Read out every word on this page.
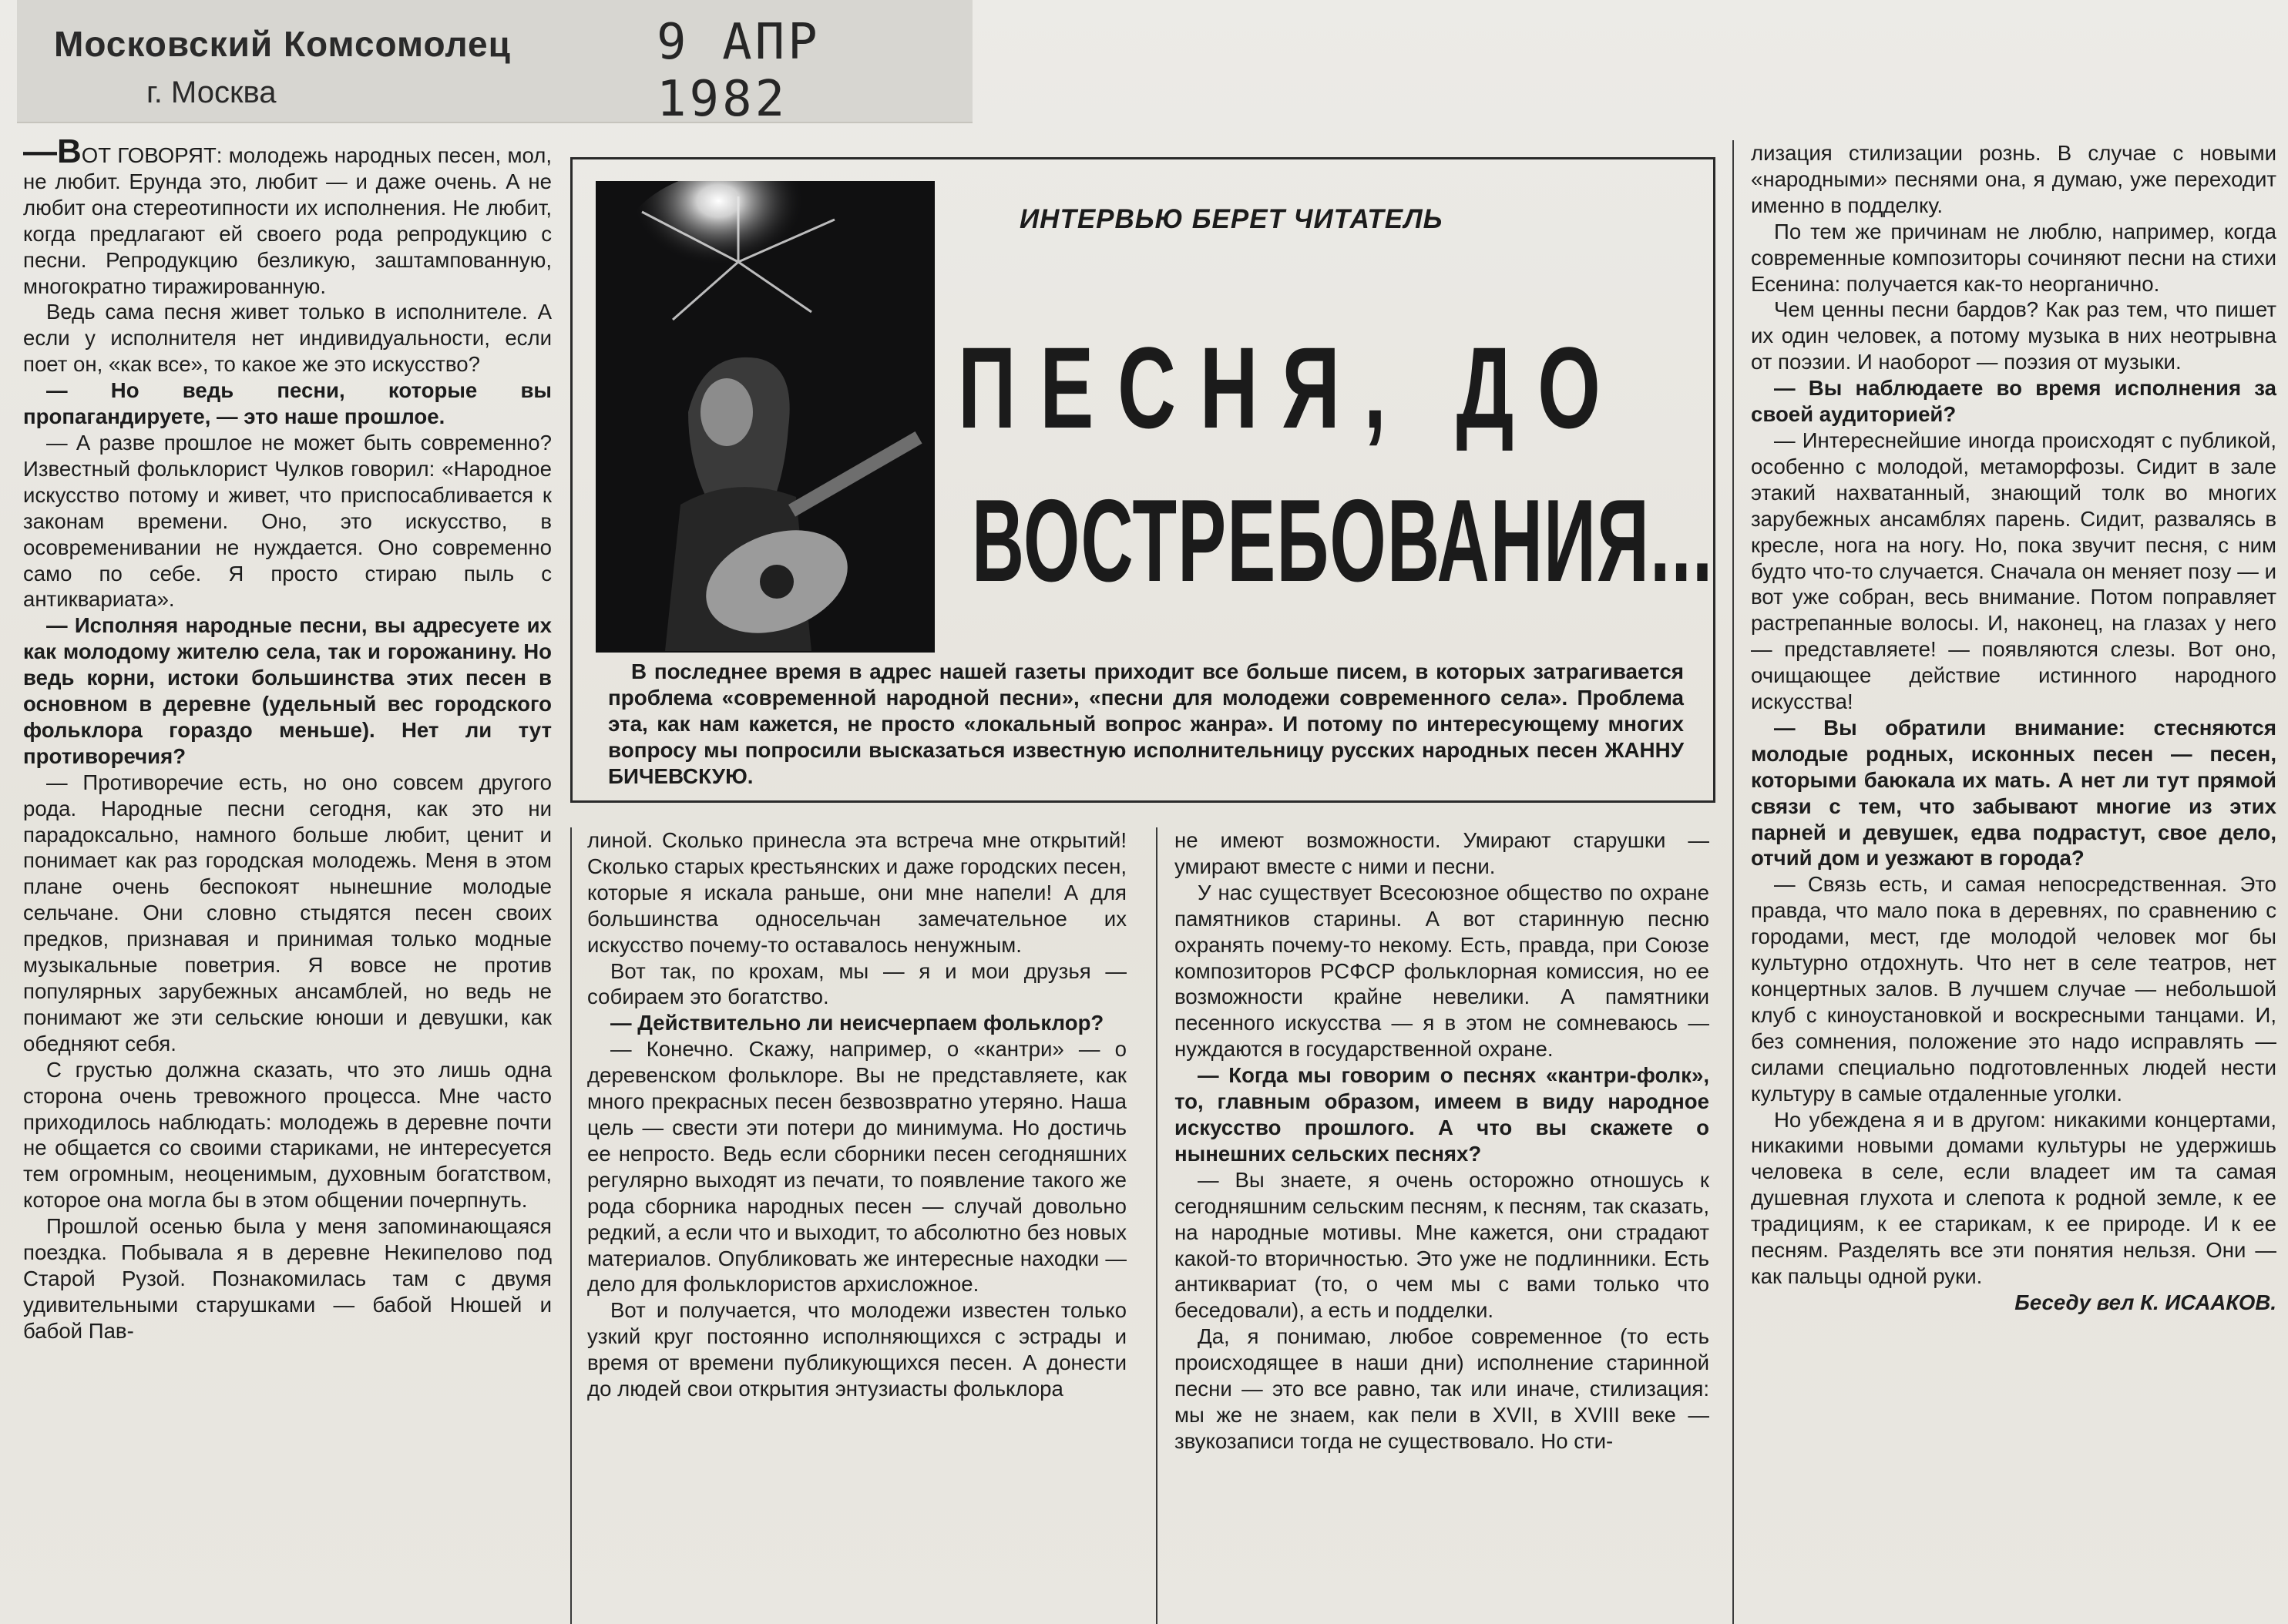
Московский Комсомолец
г. Москва
9 АПР 1982

—ВОТ ГОВОРЯТ: молодежь народных песен, мол, не любит. Ерунда это, любит — и даже очень. А не любит она стереотипности их исполнения. Не любит, когда предлагают ей своего рода репродукцию с песни. Репродукцию безликую, заштампованную, многократно тиражированную.

Ведь сама песня живет только в исполнителе. А если у исполнителя нет индивидуальности, если поет он, «как все», то какое же это искусство?

— Но ведь песни, которые вы пропагандируете, — это наше прошлое.

— А разве прошлое не может быть современно? Известный фольклорист Чулков говорил: «Народное искусство потому и живет, что приспосабливается к законам времени. Оно, это искусство, в осовременивании не нуждается. Оно современно само по себе. Я просто стираю пыль с антиквариата».

— Исполняя народные песни, вы адресуете их как молодому жителю села, так и горожанину. Но ведь корни, истоки большинства этих песен в основном в деревне (удельный вес городского фольклора гораздо меньше). Нет ли тут противоречия?

— Противоречие есть, но оно совсем другого рода. Народные песни сегодня, как это ни парадоксально, намного больше любит, ценит и понимает как раз городская молодежь. Меня в этом плане очень беспокоят нынешние молодые сельчане. Они словно стыдятся песен своих предков, признавая и принимая только модные музыкальные поветрия. Я вовсе не против популярных зарубежных ансамблей, но ведь не понимают же эти сельские юноши и девушки, как обедняют себя.

С грустью должна сказать, что это лишь одна сторона очень тревожного процесса. Мне часто приходилось наблюдать: молодежь в деревне почти не общается со своими стариками, не интересуется тем огромным, неоценимым, духовным богатством, которое она могла бы в этом общении почерпнуть.

Прошлой осенью была у меня запоминающаяся поездка. Побывала я в деревне Некипелово под Старой Рузой. Познакомилась там с двумя удивительными старушками — бабой Нюшей и бабой Пав-

ИНТЕРВЬЮ БЕРЕТ ЧИТАТЕЛЬ
ПЕСНЯ, ДО
ВОСТРЕБОВАНИЯ...
В последнее время в адрес нашей газеты приходит все больше писем, в которых затрагивается проблема «современной народной песни», «песни для молодежи современного села». Проблема эта, как нам кажется, не просто «локальный вопрос жанра». И потому по интересующему многих вопросу мы попросили высказаться известную исполнительницу русских народных песен ЖАННУ БИЧЕВСКУЮ.

линой. Сколько принесла эта встреча мне открытий! Сколько старых крестьянских и даже городских песен, которые я искала раньше, они мне напели! А для большинства односельчан замечательное их искусство почему-то оставалось ненужным.

Вот так, по крохам, мы — я и мои друзья — собираем это богатство.

— Действительно ли неисчерпаем фольклор?

— Конечно. Скажу, например, о «кантри» — о деревенском фольклоре. Вы не представляете, как много прекрасных песен безвозвратно утеряно. Наша цель — свести эти потери до минимума. Но достичь ее непросто. Ведь если сборники песен сегодняшних регулярно выходят из печати, то появление такого же рода сборника народных песен — случай довольно редкий, а если что и выходит, то абсолютно без новых материалов. Опубликовать же интересные находки — дело для фольклористов архисложное.

Вот и получается, что молодежи известен только узкий круг постоянно исполняющихся с эстрады и время от времени публикующихся песен. А донести до людей свои открытия энтузиасты фольклора

не имеют возможности. Умирают старушки — умирают вместе с ними и песни.

У нас существует Всесоюзное общество по охране памятников старины. А вот старинную песню охранять почему-то некому. Есть, правда, при Союзе композиторов РСФСР фольклорная комиссия, но ее возможности крайне невелики. А памятники песенного искусства — я в этом не сомневаюсь — нуждаются в государственной охране.

— Когда мы говорим о песнях «кантри-фолк», то, главным образом, имеем в виду народное искусство прошлого. А что вы скажете о нынешних сельских песнях?

— Вы знаете, я очень осторожно отношусь к сегодняшним сельским песням, к песням, так сказать, на народные мотивы. Мне кажется, они страдают какой-то вторичностью. Это уже не подлинники. Есть антиквариат (то, о чем мы с вами только что беседовали), а есть и подделки.

Да, я понимаю, любое современное (то есть происходящее в наши дни) исполнение старинной песни — это все равно, так или иначе, стилизация: мы же не знаем, как пели в XVII, в XVIII веке — звукозаписи тогда не существовало. Но сти-

лизация стилизации рознь. В случае с новыми «народными» песнями она, я думаю, уже переходит именно в подделку.

По тем же причинам не люблю, например, когда современные композиторы сочиняют песни на стихи Есенина: получается как-то неорганично.

Чем ценны песни бардов? Как раз тем, что пишет их один человек, а потому музыка в них неотрывна от поэзии. И наоборот — поэзия от музыки.

— Вы наблюдаете во время исполнения за своей аудиторией?

— Интереснейшие иногда происходят с публикой, особенно с молодой, метаморфозы. Сидит в зале этакий нахватанный, знающий толк во многих зарубежных ансамблях парень. Сидит, развалясь в кресле, нога на ногу. Но, пока звучит песня, с ним будто что-то случается. Сначала он меняет позу — и вот уже собран, весь внимание. Потом поправляет растрепанные волосы. И, наконец, на глазах у него — представляете! — появляются слезы. Вот оно, очищающее действие истинного народного искусства!

— Вы обратили внимание: стесняются молодые родных, исконных песен — песен, которыми баюкала их мать. А нет ли тут прямой связи с тем, что забывают многие из этих парней и девушек, едва подрастут, свое дело, отчий дом и уезжают в города?

— Связь есть, и самая непосредственная. Это правда, что мало пока в деревнях, по сравнению с городами, мест, где молодой человек мог бы культурно отдохнуть. Что нет в селе театров, нет концертных залов. В лучшем случае — небольшой клуб с киноустановкой и воскресными танцами. И, без сомнения, положение это надо исправлять — силами специально подготовленных людей нести культуру в самые отдаленные уголки.

Но убеждена я и в другом: никакими концертами, никакими новыми домами культуры не удержишь человека в селе, если владеет им та самая душевная глухота и слепота к родной земле, к ее традициям, к ее старикам, к ее природе. И к ее песням. Разделять все эти понятия нельзя. Они — как пальцы одной руки.

Беседу вел К. ИСААКОВ.
